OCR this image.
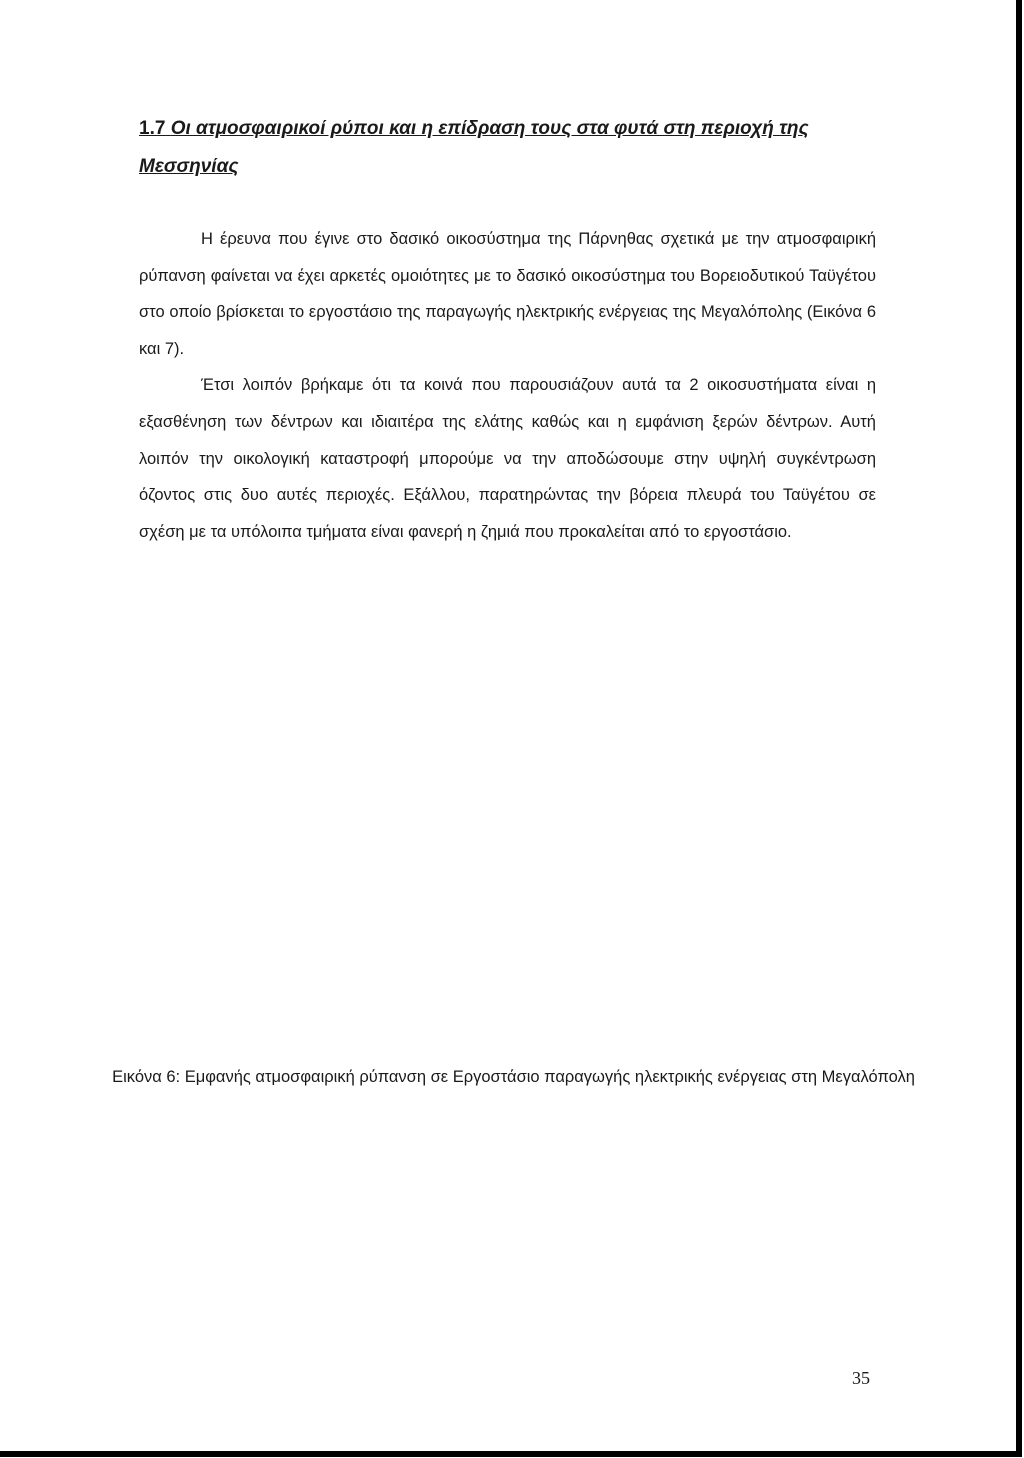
1.7 Οι ατμοσφαιρικοί ρύποι και η επίδραση τους στα φυτά στη περιοχή της Μεσσηνίας

Η έρευνα που έγινε στο δασικό οικοσύστημα της Πάρνηθας σχετικά με την ατμοσφαιρική ρύπανση φαίνεται να έχει αρκετές ομοιότητες με το δασικό οικοσύστημα του Βορειοδυτικού Ταϋγέτου στο οποίο βρίσκεται το εργοστάσιο της παραγωγής ηλεκτρικής ενέργειας της Μεγαλόπολης (Εικόνα 6 και 7).

Έτσι λοιπόν βρήκαμε ότι τα κοινά που παρουσιάζουν αυτά τα 2 οικοσυστήματα είναι η εξασθένηση των δέντρων και ιδιαιτέρα της ελάτης καθώς και η εμφάνιση ξερών δέντρων. Αυτή λοιπόν την οικολογική καταστροφή μπορούμε να την αποδώσουμε στην υψηλή συγκέντρωση όζοντος στις δυο αυτές περιοχές. Εξάλλου, παρατηρώντας την βόρεια πλευρά του Ταϋγέτου σε σχέση με τα υπόλοιπα τμήματα είναι φανερή η ζημιά που προκαλείται από το εργοστάσιο.

Εικόνα 6: Εμφανής ατμοσφαιρική ρύπανση σε Εργοστάσιο παραγωγής ηλεκτρικής ενέργειας στη Μεγαλόπολη
35
